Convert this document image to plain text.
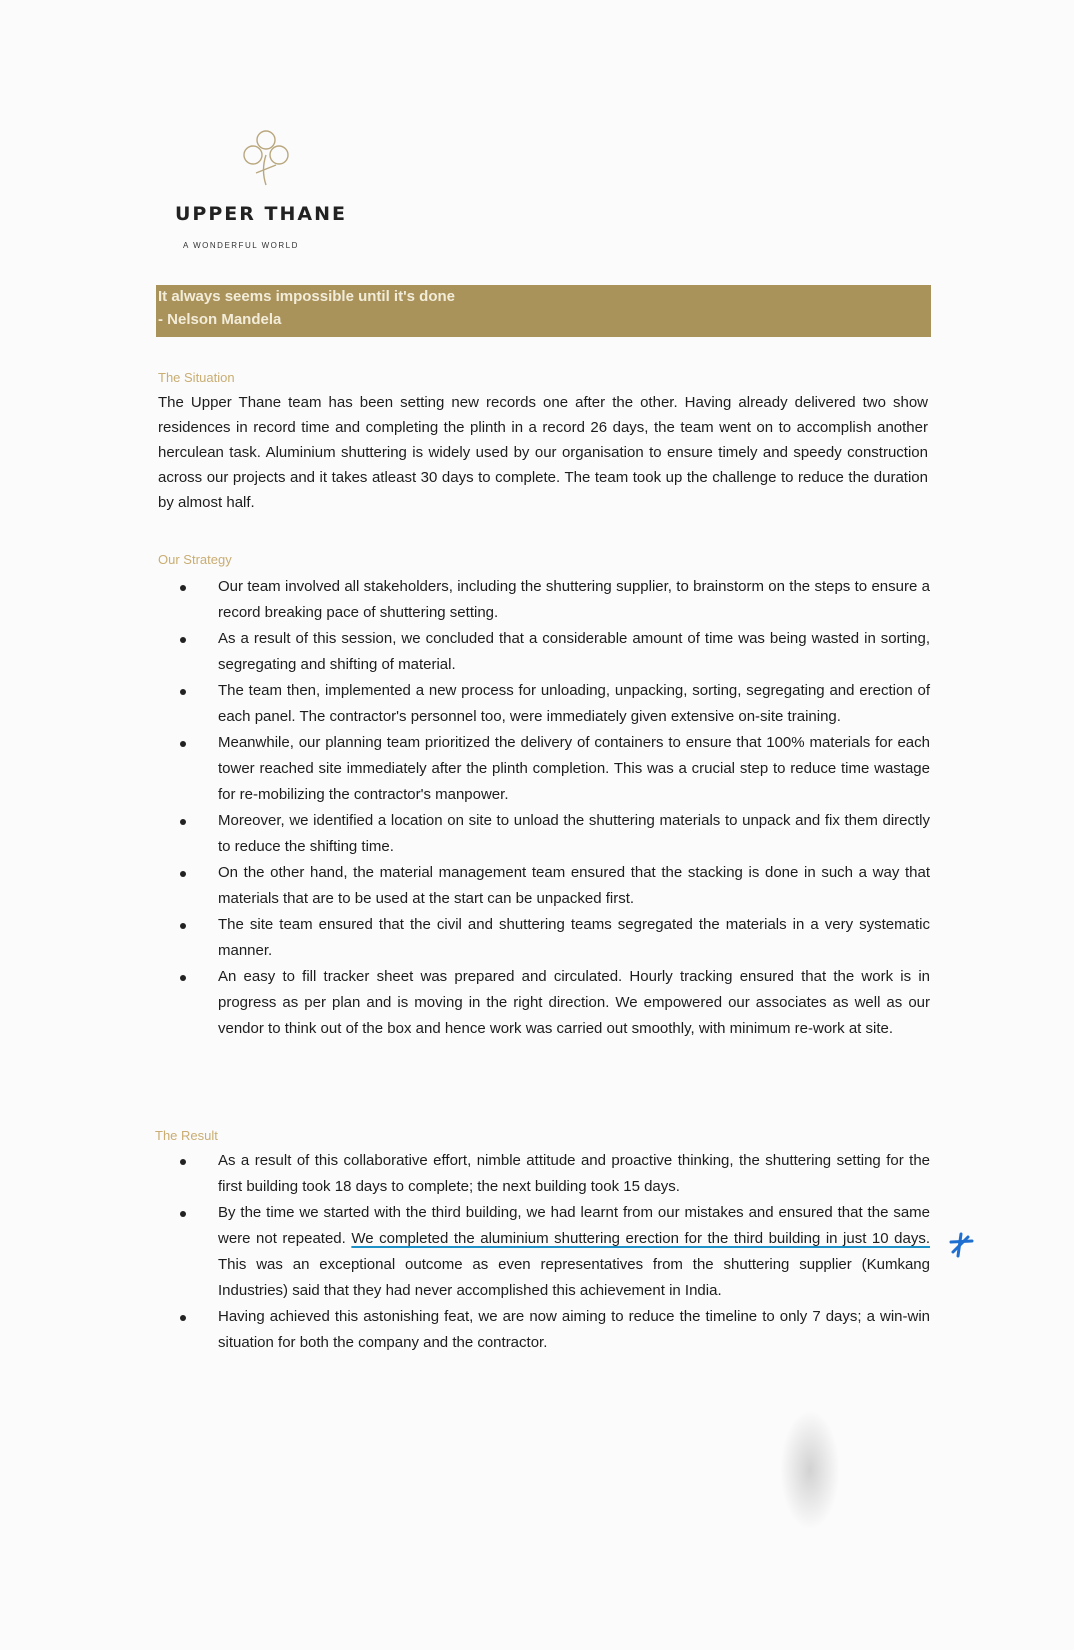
UPPER THANE
A WONDERFUL WORLD
It always seems impossible until it's done
- Nelson Mandela
The Situation
The Upper Thane team has been setting new records one after the other. Having already delivered two show residences in record time and completing the plinth in a record 26 days, the team went on to accomplish another herculean task. Aluminium shuttering is widely used by our organisation to ensure timely and speedy construction across our projects and it takes atleast 30 days to complete. The team took up the challenge to reduce the duration by almost half.
Our Strategy
Our team involved all stakeholders, including the shuttering supplier, to brainstorm on the steps to ensure a record breaking pace of shuttering setting.
As a result of this session, we concluded that a considerable amount of time was being wasted in sorting, segregating and shifting of material.
The team then, implemented a new process for unloading, unpacking, sorting, segregating and erection of each panel. The contractor's personnel too, were immediately given extensive on-site training.
Meanwhile, our planning team prioritized the delivery of containers to ensure that 100% materials for each tower reached site immediately after the plinth completion. This was a crucial step to reduce time wastage for re-mobilizing the contractor's manpower.
Moreover, we identified a location on site to unload the shuttering materials to unpack and fix them directly to reduce the shifting time.
On the other hand, the material management team ensured that the stacking is done in such a way that materials that are to be used at the start can be unpacked first.
The site team ensured that the civil and shuttering teams segregated the materials in a very systematic manner.
An easy to fill tracker sheet was prepared and circulated. Hourly tracking ensured that the work is in progress as per plan and is moving in the right direction. We empowered our associates as well as our vendor to think out of the box and hence work was carried out smoothly, with minimum re-work at site.
The Result
As a result of this collaborative effort, nimble attitude and proactive thinking, the shuttering setting for the first building took 18 days to complete; the next building took 15 days.
By the time we started with the third building, we had learnt from our mistakes and ensured that the same were not repeated. We completed the aluminium shuttering erection for the third building in just 10 days. This was an exceptional outcome as even representatives from the shuttering supplier (Kumkang Industries) said that they had never accomplished this achievement in India.
Having achieved this astonishing feat, we are now aiming to reduce the timeline to only 7 days; a win-win situation for both the company and the contractor.
